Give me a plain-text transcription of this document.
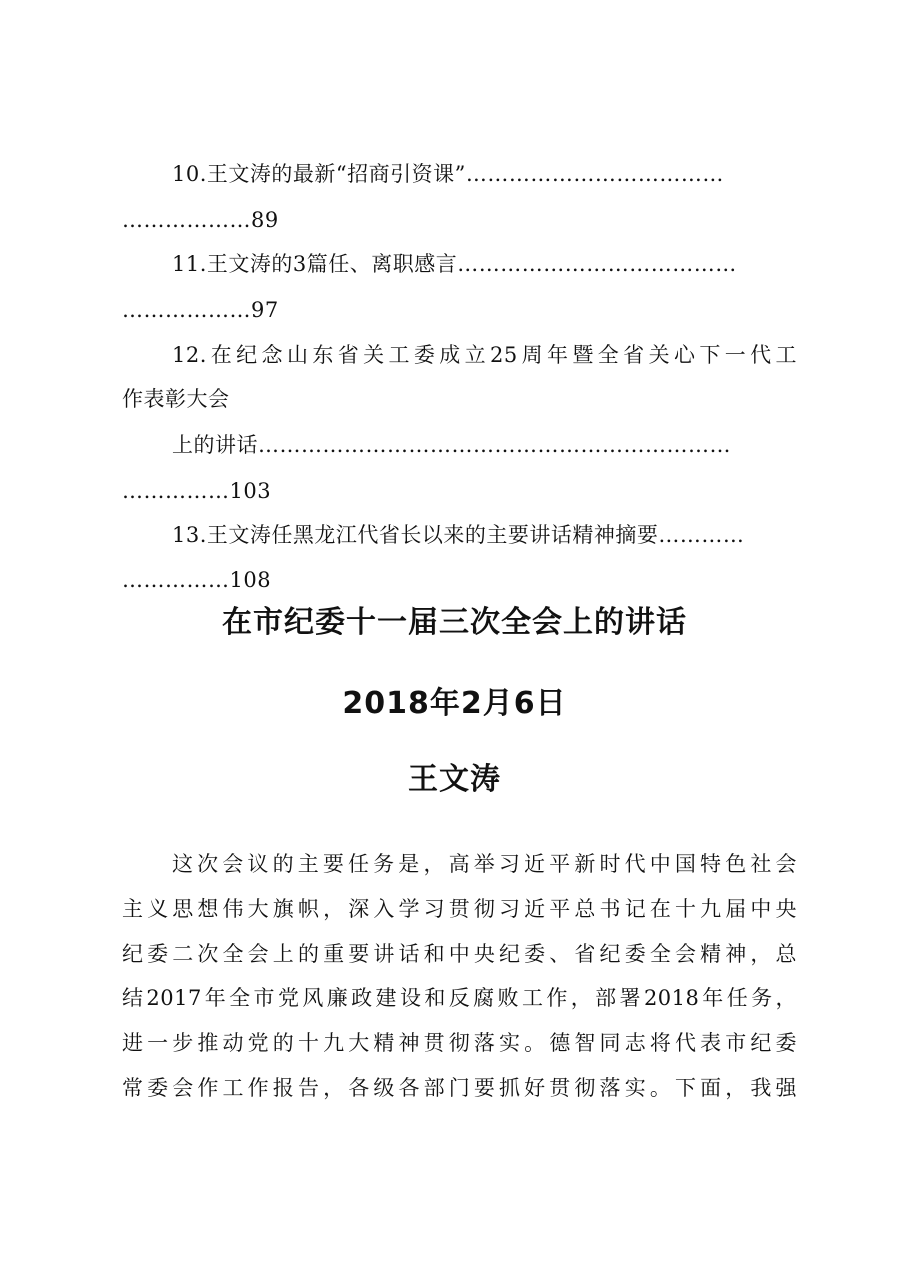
10.王文涛的最新“招商引资课”………………………………
………………89
11.王文涛的3篇任、离职感言…………………………………
………………97
12.在纪念山东省关工委成立25周年暨全省关心下一代工
作表彰大会
上的讲话…………………………………………………………
……………103
13.王文涛任黑龙江代省长以来的主要讲话精神摘要…………
……………108
在市纪委十一届三次全会上的讲话
2018年2月6日
王文涛
这次会议的主要任务是，高举习近平新时代中国特色社会
主义思想伟大旗帜，深入学习贯彻习近平总书记在十九届中央
纪委二次全会上的重要讲话和中央纪委、省纪委全会精神，总
结2017年全市党风廉政建设和反腐败工作，部署2018年任务，
进一步推动党的十九大精神贯彻落实。德智同志将代表市纪委
常委会作工作报告，各级各部门要抓好贯彻落实。下面，我强
